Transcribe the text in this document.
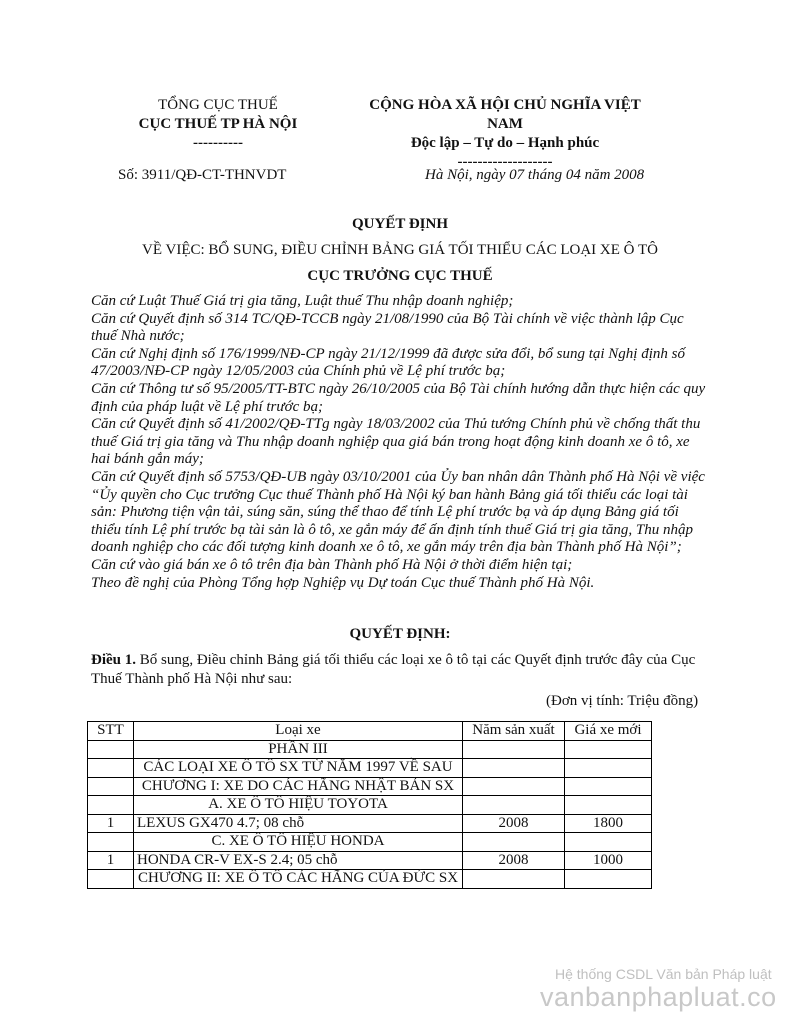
TỔNG CỤC THUẾ
CỤC THUẾ TP HÀ NỘI
----------
CỘNG HÒA XÃ HỘI CHỦ NGHĨA VIỆT
NAM
Độc lập – Tự do – Hạnh phúc
-------------------
Số: 3911/QĐ-CT-THNVDT	Hà Nội, ngày 07 tháng 04 năm 2008
QUYẾT ĐỊNH
VỀ VIỆC: BỔ SUNG, ĐIỀU CHỈNH BẢNG GIÁ TỐI THIỂU CÁC LOẠI XE Ô TÔ
CỤC TRƯỞNG CỤC THUẾ

Căn cứ Luật Thuế Giá trị gia tăng, Luật thuế Thu nhập doanh nghiệp;

Căn cứ Quyết định số 314 TC/QĐ-TCCB ngày 21/08/1990 của Bộ Tài chính về việc thành lập Cục thuế Nhà nước;

Căn cứ Nghị định số 176/1999/NĐ-CP ngày 21/12/1999 đã được sửa đổi, bổ sung tại Nghị định số 47/2003/NĐ-CP ngày 12/05/2003 của Chính phủ về Lệ phí trước bạ;

Căn cứ Thông tư số 95/2005/TT-BTC ngày 26/10/2005 của Bộ Tài chính hướng dẫn thực hiện các quy định của pháp luật về Lệ phí trước bạ;

Căn cứ Quyết định số 41/2002/QĐ-TTg ngày 18/03/2002 của Thủ tướng Chính phủ về chống thất thu thuế Giá trị gia tăng và Thu nhập doanh nghiệp qua giá bán trong hoạt động kinh doanh xe ô tô, xe hai bánh gắn máy;

Căn cứ Quyết định số 5753/QĐ-UB ngày 03/10/2001 của Ủy ban nhân dân Thành phố Hà Nội về việc “Ủy quyền cho Cục trưởng Cục thuế Thành phố Hà Nội ký ban hành Bảng giá tối thiểu các loại tài sản: Phương tiện vận tải, súng săn, súng thể thao để tính Lệ phí trước bạ và áp dụng Bảng giá tối thiểu tính Lệ phí trước bạ tài sản là ô tô, xe gắn máy để ấn định tính thuế Giá trị gia tăng, Thu nhập doanh nghiệp cho các đối tượng kinh doanh xe ô tô, xe gắn máy trên địa bàn Thành phố Hà Nội”;

Căn cứ vào giá bán xe ô tô trên địa bàn Thành phố Hà Nội ở thời điểm hiện tại;

Theo đề nghị của Phòng Tổng hợp Nghiệp vụ Dự toán Cục thuế Thành phố Hà Nội.

QUYẾT ĐỊNH:
Điều 1. Bổ sung, Điều chỉnh Bảng giá tối thiểu các loại xe ô tô tại các Quyết định trước đây của Cục Thuế Thành phố Hà Nội như sau:
(Đơn vị tính: Triệu đồng)
STT	Loại xe	Năm sản xuất	Giá xe mới
	PHẦN III		
	CÁC LOẠI XE Ô TÔ SX TỪ NĂM 1997 VỀ SAU		
	CHƯƠNG I: XE DO CÁC HÃNG NHẬT BẢN SX		
	A. XE Ô TÔ HIỆU TOYOTA		
1	LEXUS GX470 4.7; 08 chỗ	2008	1800
	C. XE Ô TÔ HIỆU HONDA		
1	HONDA CR-V EX-S 2.4; 05 chỗ	2008	1000
	CHƯƠNG II: XE Ô TÔ CÁC HÃNG CỦA ĐỨC SX		
Hệ thống CSDL Văn bản Pháp luật
vanbanphapluat.co
